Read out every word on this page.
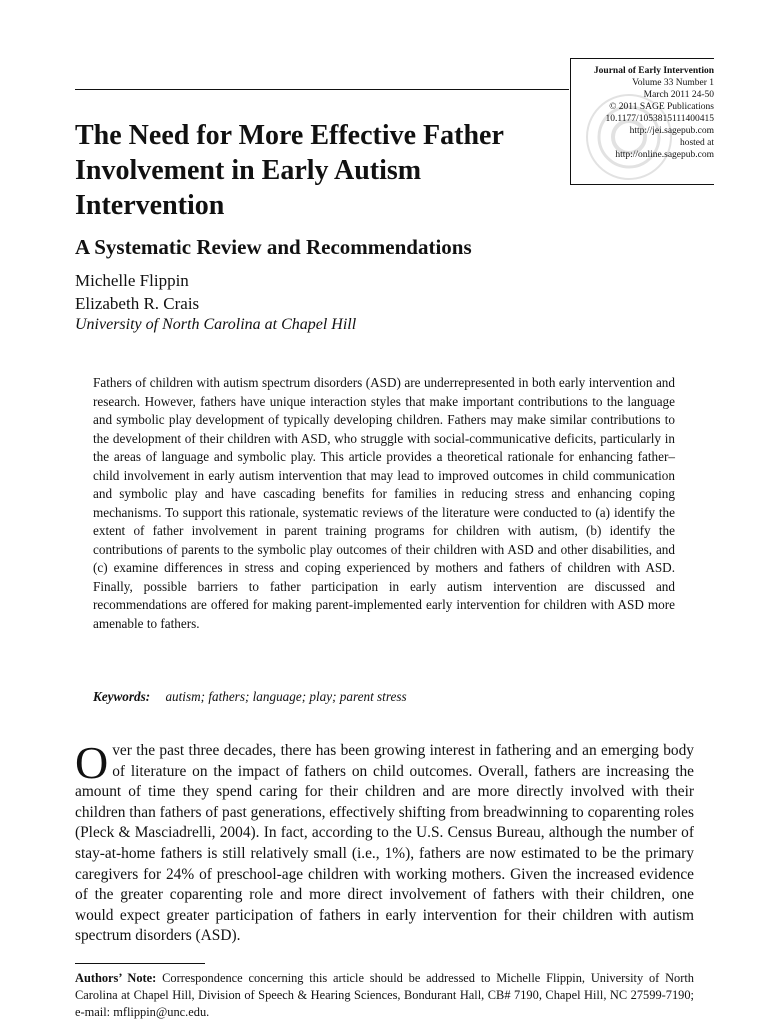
Journal of Early Intervention
Volume 33 Number 1
March 2011 24-50
© 2011 SAGE Publications
10.1177/1053815111400415
http://jei.sagepub.com
hosted at
http://online.sagepub.com
The Need for More Effective Father Involvement in Early Autism Intervention
A Systematic Review and Recommendations
Michelle Flippin
Elizabeth R. Crais
University of North Carolina at Chapel Hill

Fathers of children with autism spectrum disorders (ASD) are underrepresented in both early intervention and research. However, fathers have unique interaction styles that make important contributions to the language and symbolic play development of typically developing children. Fathers may make similar contributions to the development of their children with ASD, who struggle with social-communicative deficits, particularly in the areas of language and symbolic play. This article provides a theoretical rationale for enhancing father–child involvement in early autism intervention that may lead to improved outcomes in child communication and symbolic play and have cascading benefits for families in reducing stress and enhancing coping mechanisms. To support this rationale, systematic reviews of the literature were conducted to (a) identify the extent of father involvement in parent training programs for children with autism, (b) identify the contributions of parents to the symbolic play outcomes of their children with ASD and other disabilities, and (c) examine differences in stress and coping experienced by mothers and fathers of children with ASD. Finally, possible barriers to father participation in early autism intervention are discussed and recommendations are offered for making parent-implemented early intervention for children with ASD more amenable to fathers.

Keywords: autism; fathers; language; play; parent stress

Over the past three decades, there has been growing interest in fathering and an emerging body of literature on the impact of fathers on child outcomes. Overall, fathers are increasing the amount of time they spend caring for their children and are more directly involved with their children than fathers of past generations, effectively shifting from breadwinning to coparenting roles (Pleck & Masciadrelli, 2004). In fact, according to the U.S. Census Bureau, although the number of stay-at-home fathers is still relatively small (i.e., 1%), fathers are now estimated to be the primary caregivers for 24% of preschool-age children with working mothers. Given the increased evidence of the greater coparenting role and more direct involvement of fathers with their children, one would expect greater participation of fathers in early intervention for their children with autism spectrum disorders (ASD).

Authors’ Note: Correspondence concerning this article should be addressed to Michelle Flippin, University of North Carolina at Chapel Hill, Division of Speech & Hearing Sciences, Bondurant Hall, CB# 7190, Chapel Hill, NC 27599-7190; e-mail: mflippin@unc.edu.
